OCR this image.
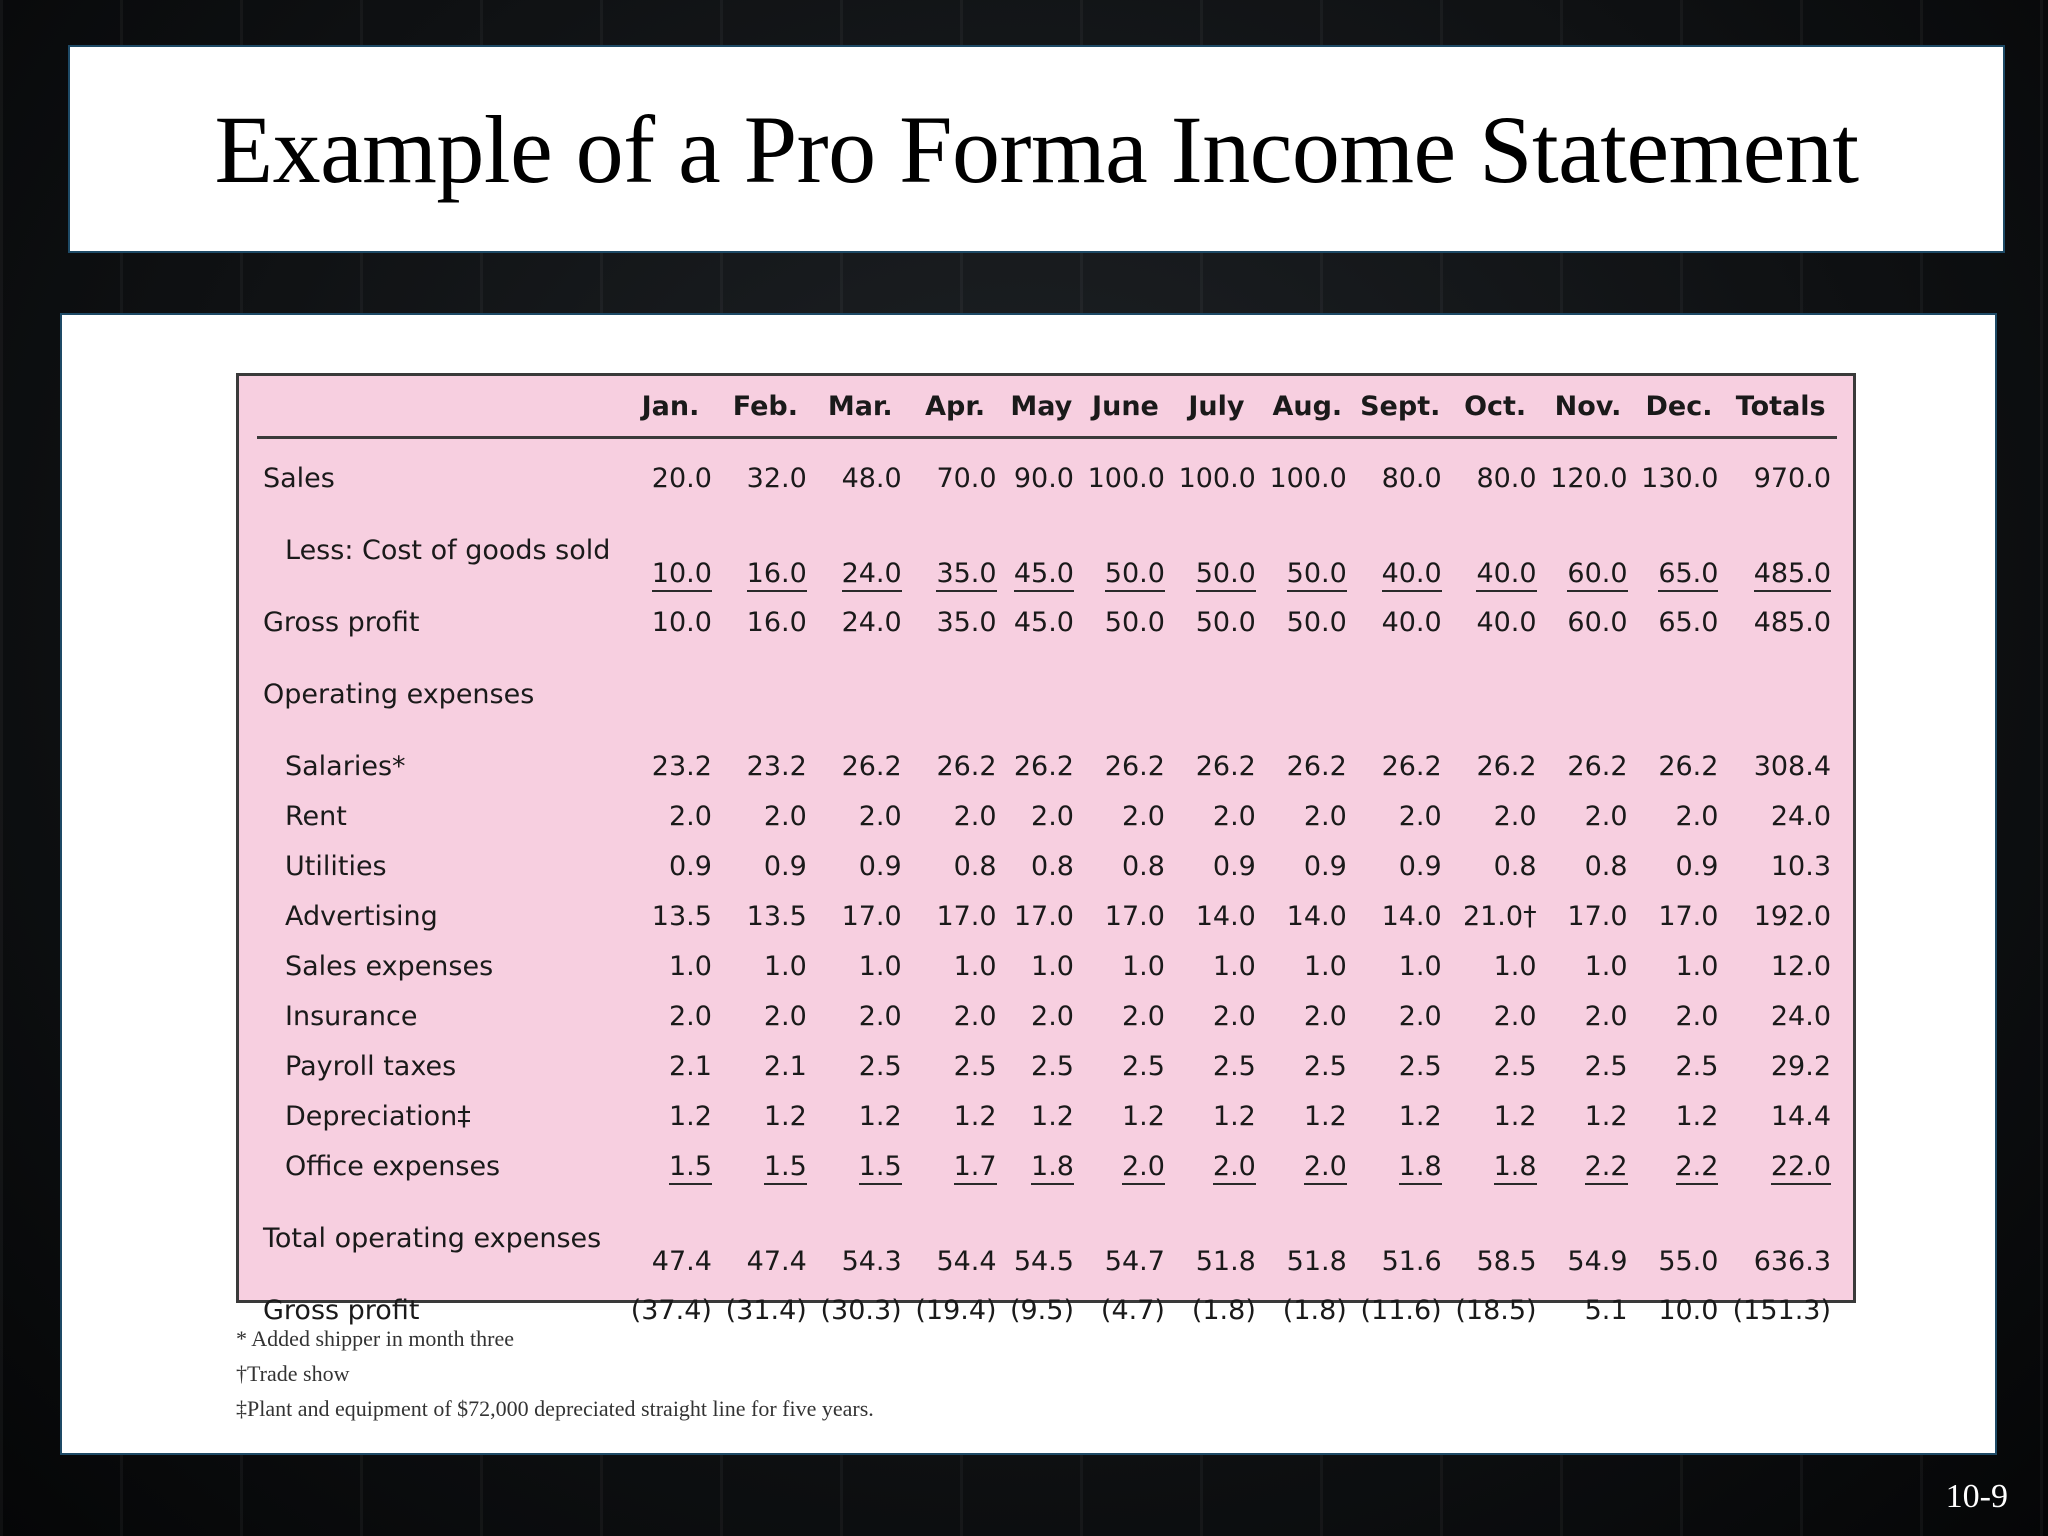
Example of a Pro Forma Income Statement
	Jan.	Feb.	Mar.	Apr.	May	June	July	Aug.	Sept.	Oct.	Nov.	Dec.	Totals
Sales	20.0	32.0	48.0	70.0	90.0	100.0	100.0	100.0	80.0	80.0	120.0	130.0	970.0
Less: Cost of goods sold	10.0	16.0	24.0	35.0	45.0	50.0	50.0	50.0	40.0	40.0	60.0	65.0	485.0
Gross profit	10.0	16.0	24.0	35.0	45.0	50.0	50.0	50.0	40.0	40.0	60.0	65.0	485.0
Operating expenses													
Salaries*	23.2	23.2	26.2	26.2	26.2	26.2	26.2	26.2	26.2	26.2	26.2	26.2	308.4
Rent	2.0	2.0	2.0	2.0	2.0	2.0	2.0	2.0	2.0	2.0	2.0	2.0	24.0
Utilities	0.9	0.9	0.9	0.8	0.8	0.8	0.9	0.9	0.9	0.8	0.8	0.9	10.3
Advertising	13.5	13.5	17.0	17.0	17.0	17.0	14.0	14.0	14.0	21.0†	17.0	17.0	192.0
Sales expenses	1.0	1.0	1.0	1.0	1.0	1.0	1.0	1.0	1.0	1.0	1.0	1.0	12.0
Insurance	2.0	2.0	2.0	2.0	2.0	2.0	2.0	2.0	2.0	2.0	2.0	2.0	24.0
Payroll taxes	2.1	2.1	2.5	2.5	2.5	2.5	2.5	2.5	2.5	2.5	2.5	2.5	29.2
Depreciation‡	1.2	1.2	1.2	1.2	1.2	1.2	1.2	1.2	1.2	1.2	1.2	1.2	14.4
Office expenses	1.5	1.5	1.5	1.7	1.8	2.0	2.0	2.0	1.8	1.8	2.2	2.2	22.0
Total operating expenses	47.4	47.4	54.3	54.4	54.5	54.7	51.8	51.8	51.6	58.5	54.9	55.0	636.3
Gross profit	(37.4)	(31.4)	(30.3)	(19.4)	(9.5)	(4.7)	(1.8)	(1.8)	(11.6)	(18.5)	5.1	10.0	(151.3)
* Added shipper in month three
†Trade show
‡Plant and equipment of $72,000 depreciated straight line for five years.
10-9
